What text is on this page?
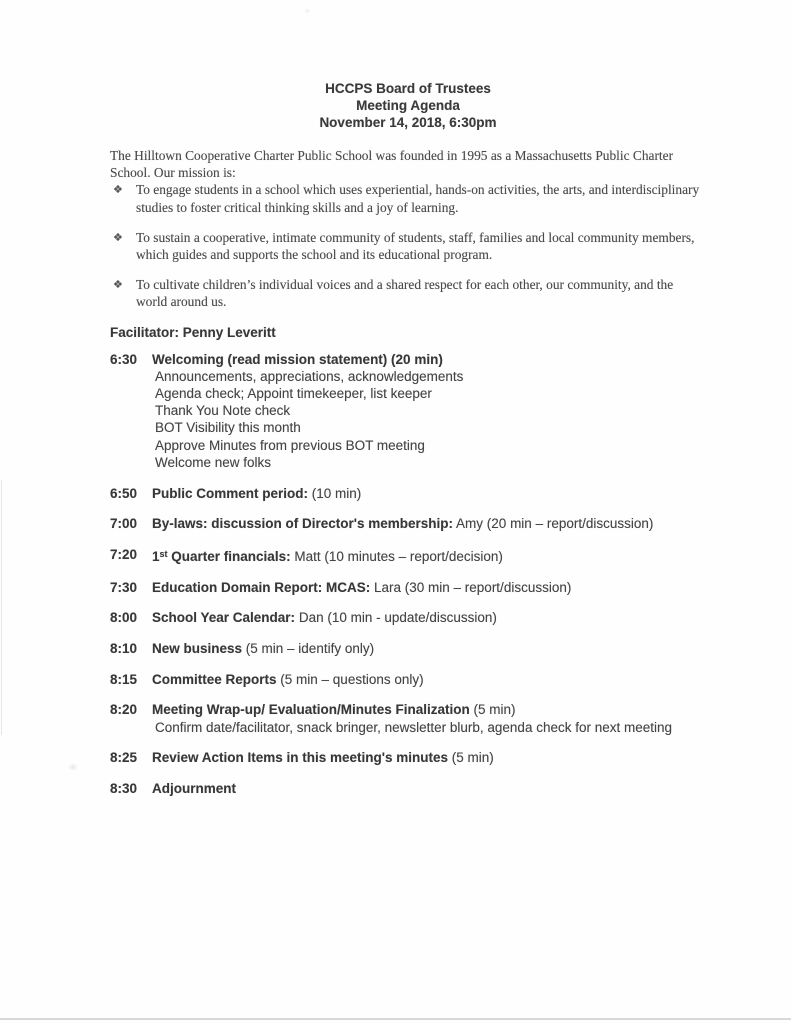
HCCPS Board of Trustees
Meeting Agenda
November 14, 2018, 6:30pm

The Hilltown Cooperative Charter Public School was founded in 1995 as a Massachusetts Public Charter School. Our mission is:

❖ To engage students in a school which uses experiential, hands-on activities, the arts, and interdisciplinary studies to foster critical thinking skills and a joy of learning.
❖ To sustain a cooperative, intimate community of students, staff, families and local community members, which guides and supports the school and its educational program.
❖ To cultivate children’s individual voices and a shared respect for each other, our community, and the world around us.
Facilitator: Penny Leveritt
6:30	Welcoming (read mission statement) (20 min)
Announcements, appreciations, acknowledgements
Agenda check; Appoint timekeeper, list keeper
Thank You Note check
BOT Visibility this month
Approve Minutes from previous BOT meeting
Welcome new folks
6:50	Public Comment period: (10 min)
7:00	By-laws: discussion of Director's membership: Amy (20 min – report/discussion)
7:20	1st Quarter financials: Matt (10 minutes – report/decision)
7:30	Education Domain Report: MCAS: Lara (30 min – report/discussion)
8:00	School Year Calendar: Dan (10 min - update/discussion)
8:10	New business (5 min – identify only)
8:15	Committee Reports (5 min – questions only)
8:20	Meeting Wrap-up/ Evaluation/Minutes Finalization (5 min)
Confirm date/facilitator, snack bringer, newsletter blurb, agenda check for next meeting
8:25	Review Action Items in this meeting's minutes (5 min)
8:30	Adjournment
